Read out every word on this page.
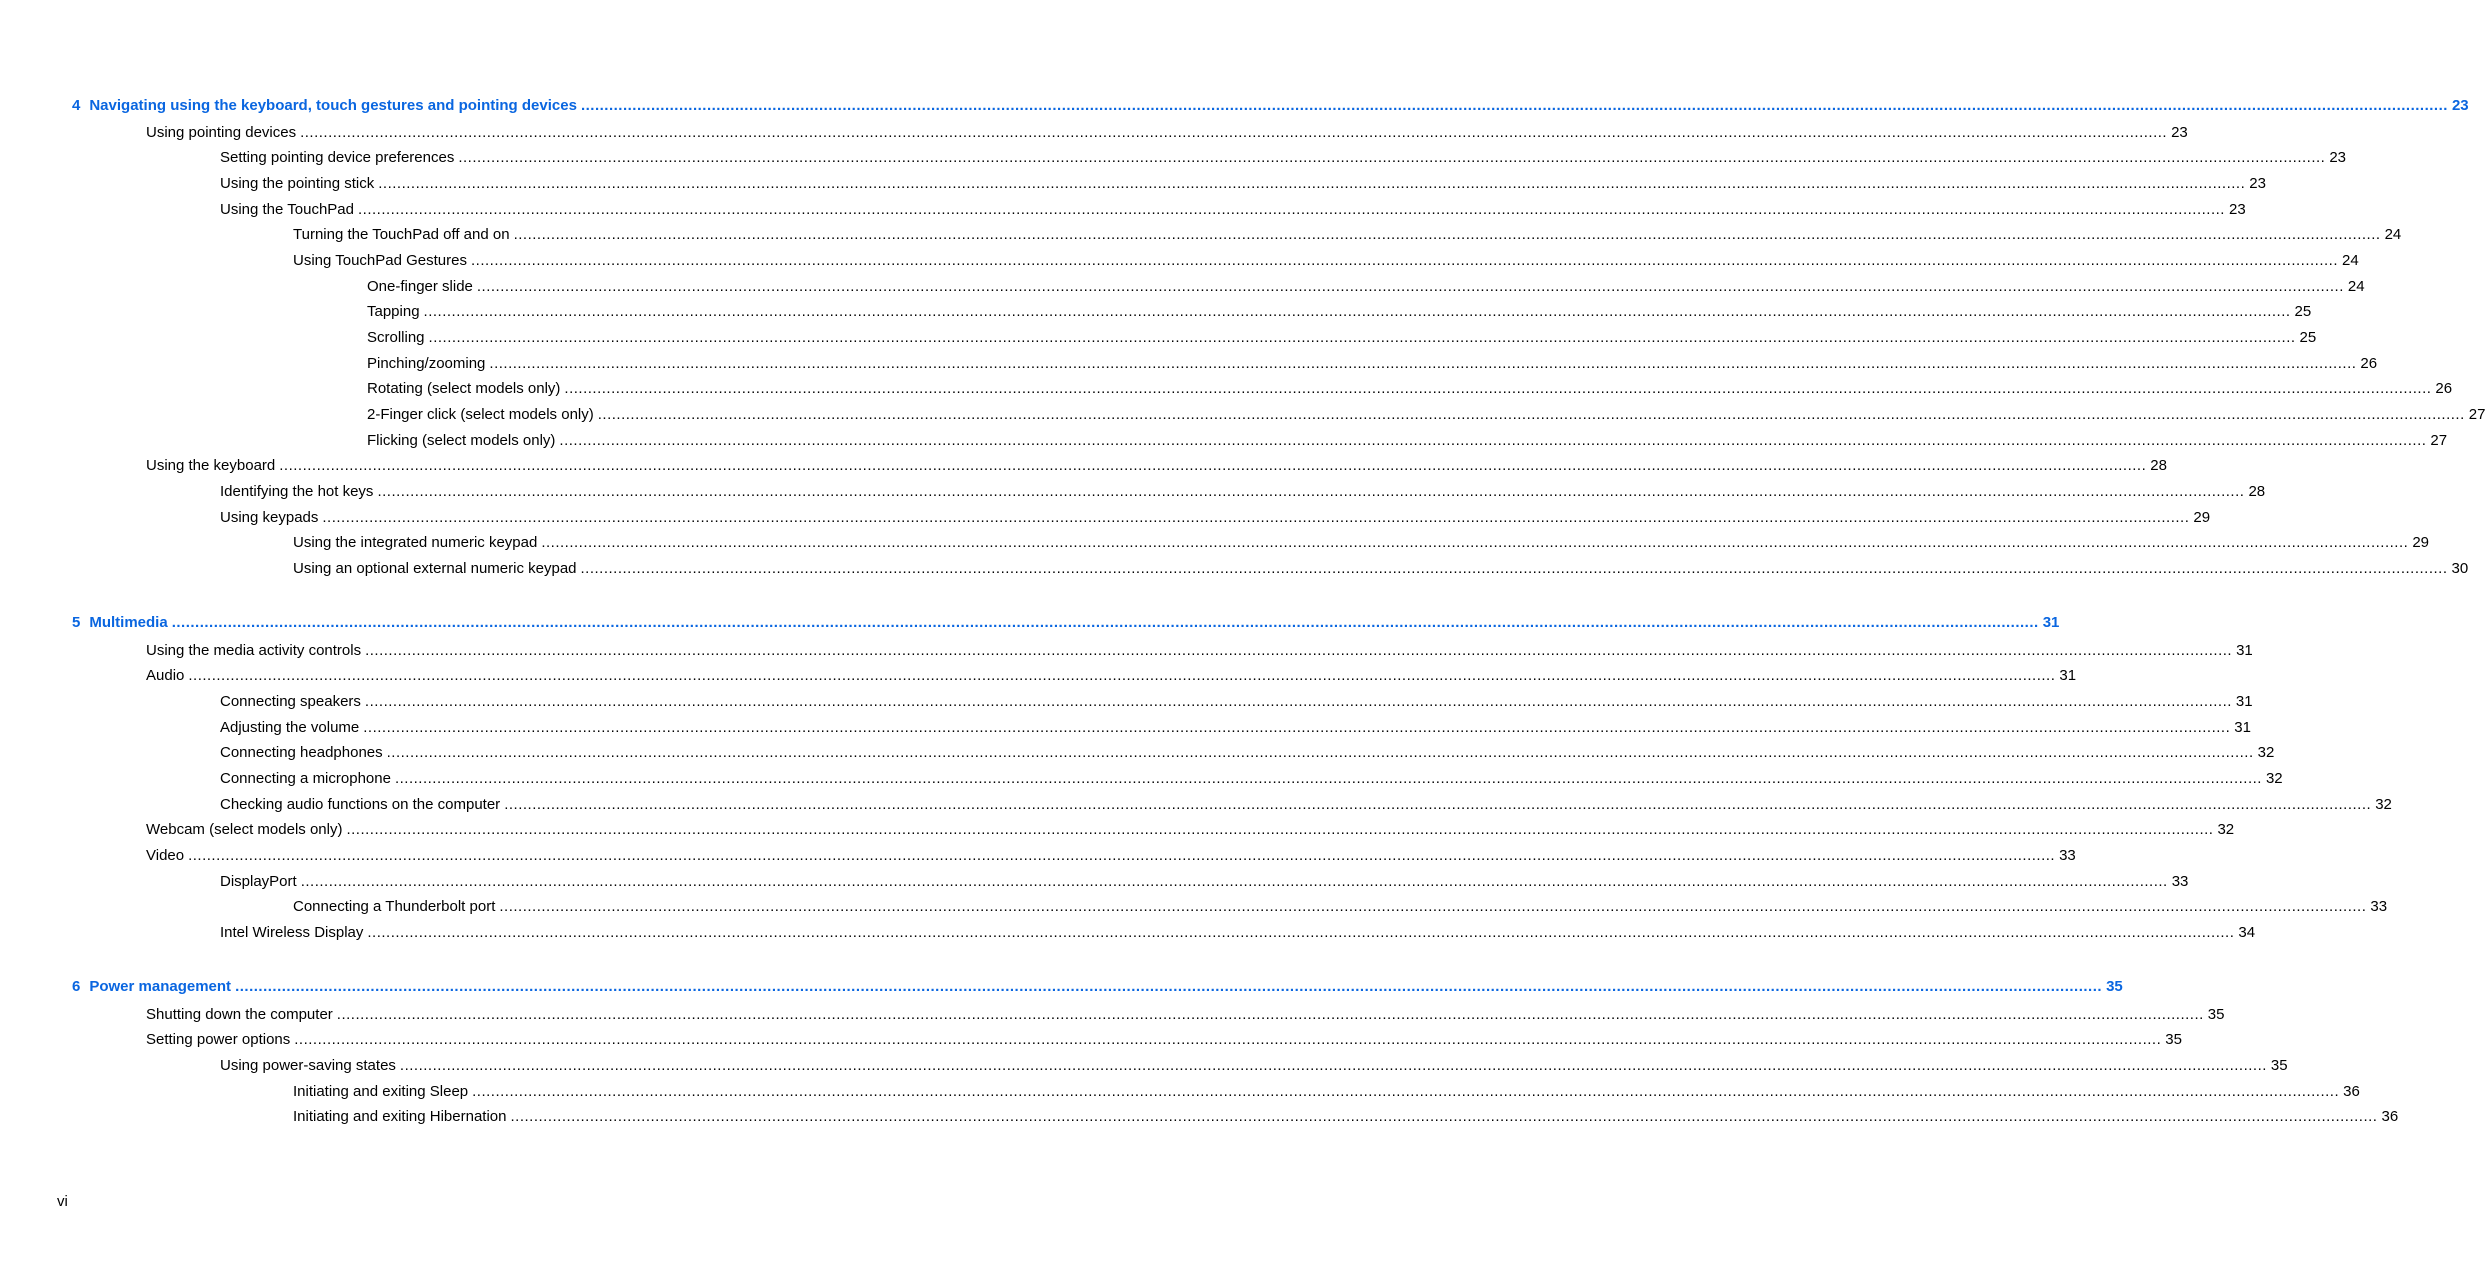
4 Navigating using the keyboard, touch gestures and pointing devices ................................................................................................................................................................................................................................................................................................................................................................................................................ 23
Using pointing devices ................................................................................................................................................................................................................................................................................................................................................................................................................ 23
Setting pointing device preferences ................................................................................................................................................................................................................................................................................................................................................................................................................ 23
Using the pointing stick ................................................................................................................................................................................................................................................................................................................................................................................................................ 23
Using the TouchPad ................................................................................................................................................................................................................................................................................................................................................................................................................ 23
Turning the TouchPad off and on ................................................................................................................................................................................................................................................................................................................................................................................................................ 24
Using TouchPad Gestures ................................................................................................................................................................................................................................................................................................................................................................................................................ 24
One-finger slide ................................................................................................................................................................................................................................................................................................................................................................................................................ 24
Tapping ................................................................................................................................................................................................................................................................................................................................................................................................................ 25
Scrolling ................................................................................................................................................................................................................................................................................................................................................................................................................ 25
Pinching/zooming ................................................................................................................................................................................................................................................................................................................................................................................................................ 26
Rotating (select models only) ................................................................................................................................................................................................................................................................................................................................................................................................................ 26
2-Finger click (select models only) ................................................................................................................................................................................................................................................................................................................................................................................................................ 27
Flicking (select models only) ................................................................................................................................................................................................................................................................................................................................................................................................................ 27
Using the keyboard ................................................................................................................................................................................................................................................................................................................................................................................................................ 28
Identifying the hot keys ................................................................................................................................................................................................................................................................................................................................................................................................................ 28
Using keypads ................................................................................................................................................................................................................................................................................................................................................................................................................ 29
Using the integrated numeric keypad ................................................................................................................................................................................................................................................................................................................................................................................................................ 29
Using an optional external numeric keypad ................................................................................................................................................................................................................................................................................................................................................................................................................ 30
5 Multimedia ................................................................................................................................................................................................................................................................................................................................................................................................................ 31
Using the media activity controls ................................................................................................................................................................................................................................................................................................................................................................................................................ 31
Audio ................................................................................................................................................................................................................................................................................................................................................................................................................ 31
Connecting speakers ................................................................................................................................................................................................................................................................................................................................................................................................................ 31
Adjusting the volume ................................................................................................................................................................................................................................................................................................................................................................................................................ 31
Connecting headphones ................................................................................................................................................................................................................................................................................................................................................................................................................ 32
Connecting a microphone ................................................................................................................................................................................................................................................................................................................................................................................................................ 32
Checking audio functions on the computer ................................................................................................................................................................................................................................................................................................................................................................................................................ 32
Webcam (select models only) ................................................................................................................................................................................................................................................................................................................................................................................................................ 32
Video ................................................................................................................................................................................................................................................................................................................................................................................................................ 33
DisplayPort ................................................................................................................................................................................................................................................................................................................................................................................................................ 33
Connecting a Thunderbolt port ................................................................................................................................................................................................................................................................................................................................................................................................................ 33
Intel Wireless Display ................................................................................................................................................................................................................................................................................................................................................................................................................ 34
6 Power management ................................................................................................................................................................................................................................................................................................................................................................................................................ 35
Shutting down the computer ................................................................................................................................................................................................................................................................................................................................................................................................................ 35
Setting power options ................................................................................................................................................................................................................................................................................................................................................................................................................ 35
Using power-saving states ................................................................................................................................................................................................................................................................................................................................................................................................................ 35
Initiating and exiting Sleep ................................................................................................................................................................................................................................................................................................................................................................................................................ 36
Initiating and exiting Hibernation ................................................................................................................................................................................................................................................................................................................................................................................................................ 36
vi
